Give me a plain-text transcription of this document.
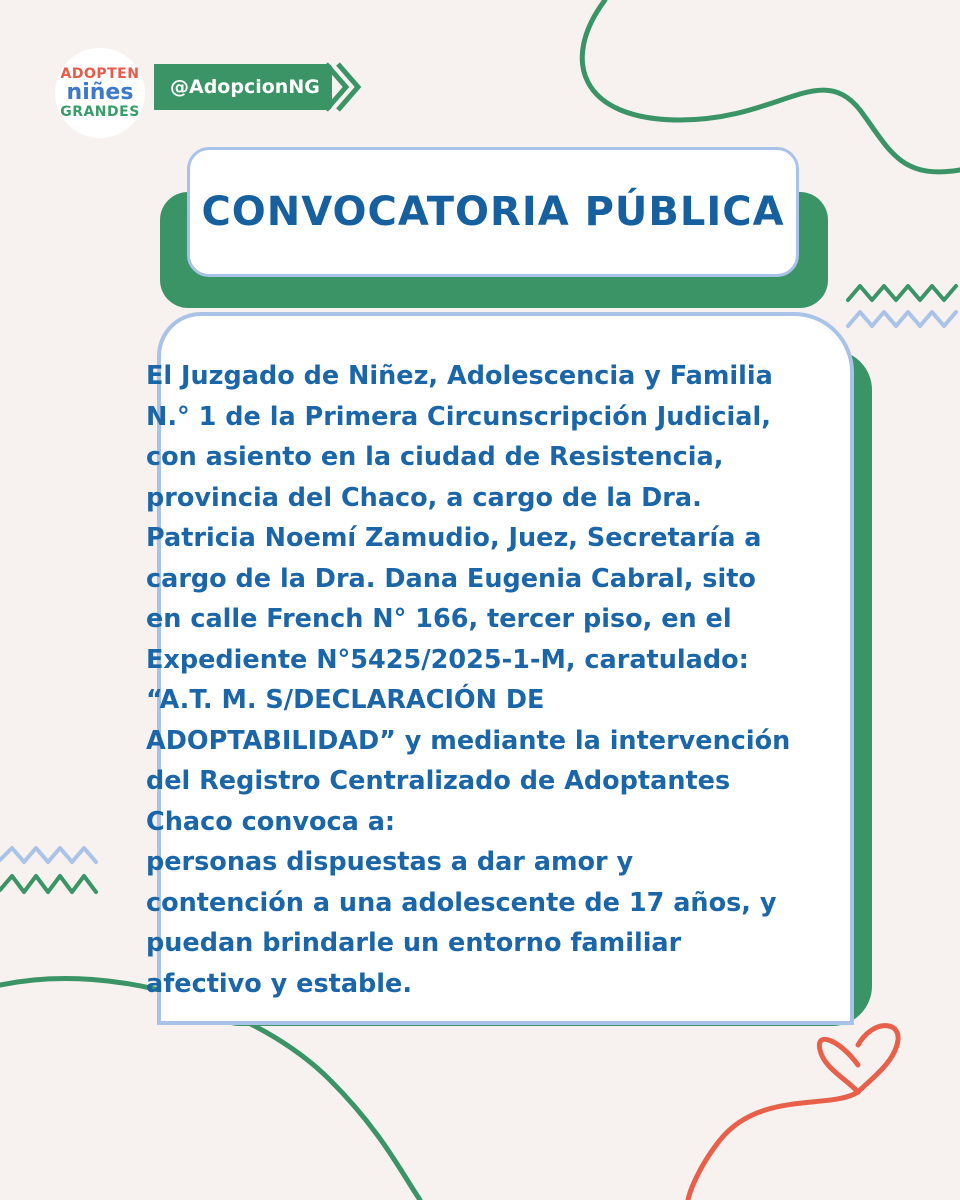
ADOPTEN
niñes
GRANDES
@AdopcionNG
CONVOCATORIA PÚBLICA
El Juzgado de Niñez, Adolescencia y Familia
N.° 1 de la Primera Circunscripción Judicial,
con asiento en la ciudad de Resistencia,
provincia del Chaco, a cargo de la Dra.
Patricia Noemí Zamudio, Juez, Secretaría a
cargo de la Dra. Dana Eugenia Cabral, sito
en calle French N° 166, tercer piso, en el
Expediente N°5425/2025-1-M, caratulado:
“A.T. M. S/DECLARACIÓN DE
ADOPTABILIDAD” y mediante la intervención
del Registro Centralizado de Adoptantes
Chaco convoca a:
personas dispuestas a dar amor y
contención a una adolescente de 17 años, y
puedan brindarle un entorno familiar
afectivo y estable.
